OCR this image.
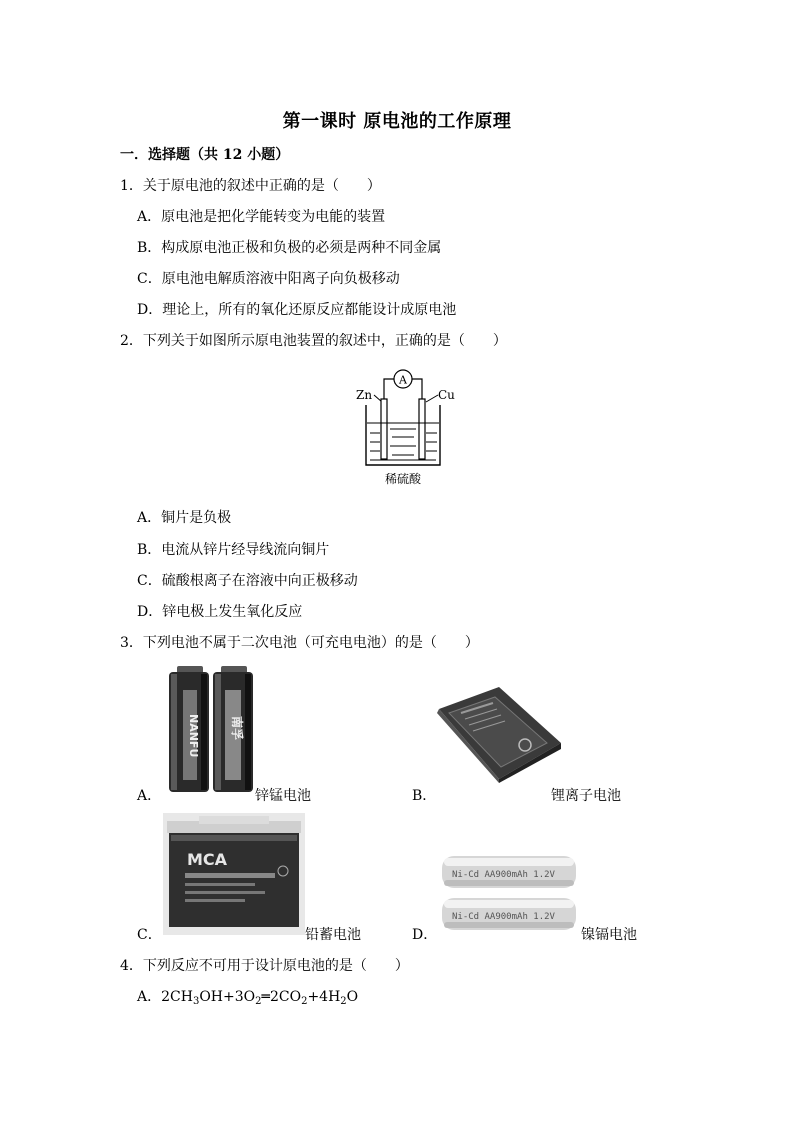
第一课时 原电池的工作原理
一．选择题（共 12 小题）
1．关于原电池的叙述中正确的是（　　）
A．原电池是把化学能转变为电能的装置
B．构成原电池正极和负极的必须是两种不同金属
C．原电池电解质溶液中阳离子向负极移动
D．理论上，所有的氧化还原反应都能设计成原电池
2．下列关于如图所示原电池装置的叙述中，正确的是（　　）
A
Zn	Cu
稀硫酸
A．铜片是负极
B．电流从锌片经导线流向铜片
C．硫酸根离子在溶液中向正极移动
D．锌电极上发生氧化反应
3．下列电池不属于二次电池（可充电电池）的是（　　）
NANFU	南孚
A．	锌锰电池	B．	锂离子电池
MCA
C．	铅蓄电池
Ni-Cd AA900mAh 1.2V
Ni-Cd AA900mAh 1.2V
D．	镍镉电池
4．下列反应不可用于设计原电池的是（　　）
A．$2CH_3OH+3O_2═2CO_2+4H_2O$
